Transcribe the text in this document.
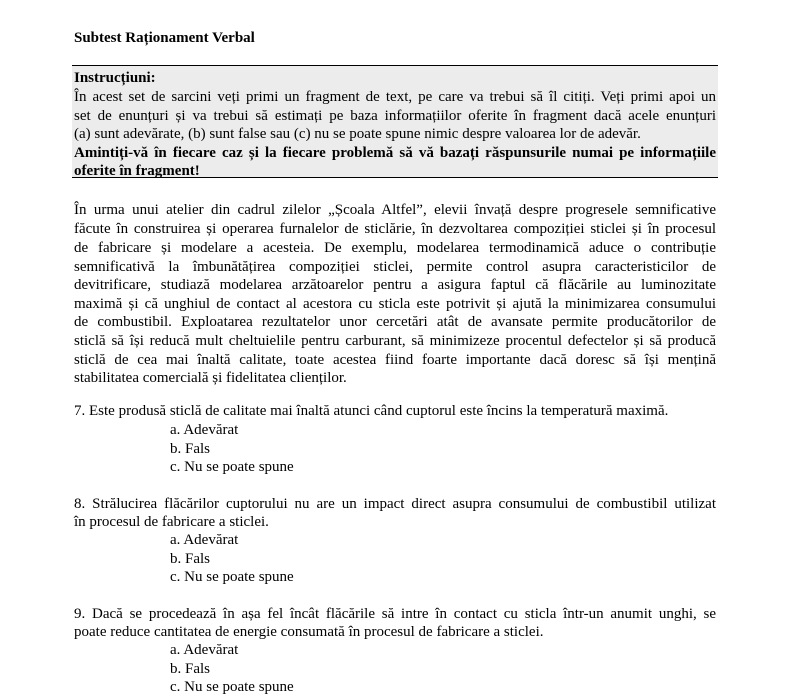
Subtest Raționament Verbal
Instrucțiuni:
În acest set de sarcini veți primi un fragment de text, pe care va trebui să îl citiți. Veți primi apoi un
set de enunțuri și va trebui să estimați pe baza informațiilor oferite în fragment dacă acele enunțuri
(a) sunt adevărate, (b) sunt false sau (c) nu se poate spune nimic despre valoarea lor de adevăr.
Amintiți-vă în fiecare caz și la fiecare problemă să vă bazați răspunsurile numai pe informațiile
oferite în fragment!
În urma unui atelier din cadrul zilelor „Școala Altfel”, elevii învață despre progresele semnificative
făcute în construirea și operarea furnalelor de sticlărie, în dezvoltarea compoziției sticlei și în procesul
de fabricare și modelare a acesteia. De exemplu, modelarea termodinamică aduce o contribuție
semnificativă la îmbunătățirea compoziției sticlei, permite control asupra caracteristicilor de
devitrificare, studiază modelarea arzătoarelor pentru a asigura faptul că flăcările au luminozitate
maximă și că unghiul de contact al acestora cu sticla este potrivit și ajută la minimizarea consumului
de combustibil. Exploatarea rezultatelor unor cercetări atât de avansate permite producătorilor de
sticlă să își reducă mult cheltuielile pentru carburant, să minimizeze procentul defectelor și să producă
sticlă de cea mai înaltă calitate, toate acestea fiind foarte importante dacă doresc să își mențină
stabilitatea comercială și fidelitatea clienților.
7. Este produsă sticlă de calitate mai înaltă atunci când cuptorul este încins la temperatură maximă.
a. Adevărat
b. Fals
c. Nu se poate spune
8. Strălucirea flăcărilor cuptorului nu are un impact direct asupra consumului de combustibil utilizat
în procesul de fabricare a sticlei.
a. Adevărat
b. Fals
c. Nu se poate spune
9. Dacă se procedează în așa fel încât flăcările să intre în contact cu sticla într-un anumit unghi, se
poate reduce cantitatea de energie consumată în procesul de fabricare a sticlei.
a. Adevărat
b. Fals
c. Nu se poate spune
